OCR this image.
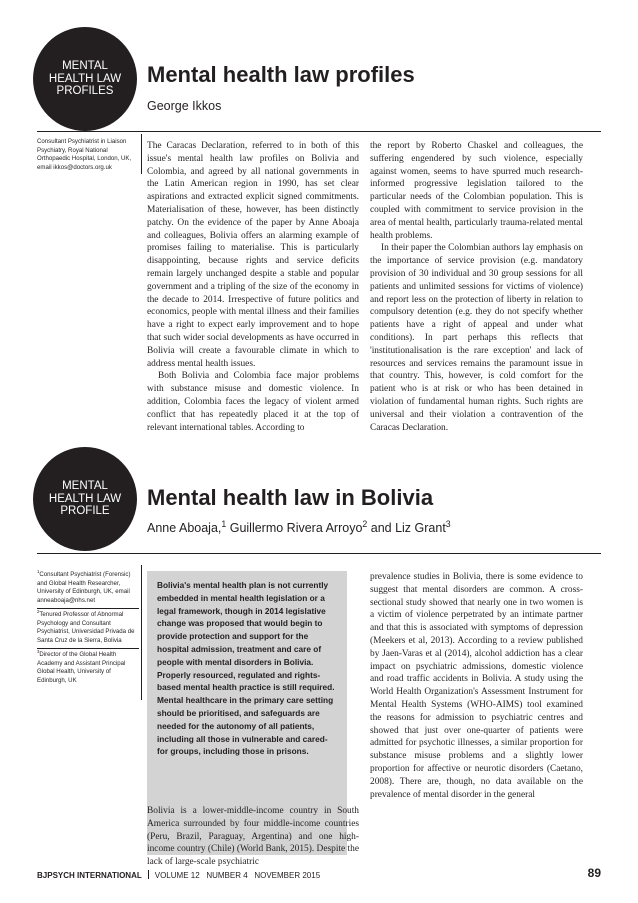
MENTAL
HEALTH LAW
PROFILES
Mental health law profiles
George Ikkos
Consultant Psychiatrist in Liaison Psychiatry, Royal National Orthopaedic Hospital, London, UK, email ikkos@doctors.org.uk

The Caracas Declaration, referred to in both of this issue's mental health law profiles on Bolivia and Colombia, and agreed by all national governments in the Latin American region in 1990, has set clear aspirations and extracted explicit signed commitments. Materialisation of these, however, has been distinctly patchy. On the evidence of the paper by Anne Aboaja and colleagues, Bolivia offers an alarming example of promises failing to materialise. This is particularly disappointing, because rights and service deficits remain largely unchanged despite a stable and popular government and a tripling of the size of the economy in the decade to 2014. Irrespective of future politics and economics, people with mental illness and their families have a right to expect early improvement and to hope that such wider social developments as have occurred in Bolivia will create a favourable climate in which to address mental health issues.

Both Bolivia and Colombia face major problems with substance misuse and domestic violence. In addition, Colombia faces the legacy of violent armed conflict that has repeatedly placed it at the top of relevant international tables. According to

the report by Roberto Chaskel and colleagues, the suffering engendered by such violence, especially against women, seems to have spurred much research-informed progressive legislation tailored to the particular needs of the Colombian population. This is coupled with commitment to service provision in the area of mental health, particularly trauma-related mental health problems.

In their paper the Colombian authors lay emphasis on the importance of service provision (e.g. mandatory provision of 30 individual and 30 group sessions for all patients and unlimited sessions for victims of violence) and report less on the protection of liberty in relation to compulsory detention (e.g. they do not specify whether patients have a right of appeal and under what conditions). In part perhaps this reflects that 'institutionalisation is the rare exception' and lack of resources and services remains the paramount issue in that country. This, however, is cold comfort for the patient who is at risk or who has been detained in violation of fundamental human rights. Such rights are universal and their violation a contravention of the Caracas Declaration.

MENTAL
HEALTH LAW
PROFILE
Mental health law in Bolivia
Anne Aboaja,$^1$ Guillermo Rivera Arroyo$^2$ and Liz Grant$^3$
$^1$Consultant Psychiatrist (Forensic) and Global Health Researcher, University of Edinburgh, UK, email anneaboaja@nhs.net
$^2$Tenured Professor of Abnormal Psychology and Consultant Psychiatrist, Universidad Privada de Santa Cruz de la Sierra, Bolivia
$^3$Director of the Global Health Academy and Assistant Principal Global Health, University of Edinburgh, UK
Bolivia's mental health plan is not currently embedded in mental health legislation or a legal framework, though in 2014 legislative change was proposed that would begin to provide protection and support for the hospital admission, treatment and care of people with mental disorders in Bolivia. Properly resourced, regulated and rights-based mental health practice is still required. Mental healthcare in the primary care setting should be prioritised, and safeguards are needed for the autonomy of all patients, including all those in vulnerable and cared-for groups, including those in prisons.

Bolivia is a lower-middle-income country in South America surrounded by four middle-income countries (Peru, Brazil, Paraguay, Argentina) and one high-income country (Chile) (World Bank, 2015). Despite the lack of large-scale psychiatric

prevalence studies in Bolivia, there is some evidence to suggest that mental disorders are common. A cross-sectional study showed that nearly one in two women is a victim of violence perpetrated by an intimate partner and that this is associated with symptoms of depression (Meekers et al, 2013). According to a review published by Jaen-Varas et al (2014), alcohol addiction has a clear impact on psychiatric admissions, domestic violence and road traffic accidents in Bolivia. A study using the World Health Organization's Assessment Instrument for Mental Health Systems (WHO-AIMS) tool examined the reasons for admission to psychiatric centres and showed that just over one-quarter of patients were admitted for psychotic illnesses, a similar proportion for substance misuse problems and a slightly lower proportion for affective or neurotic disorders (Caetano, 2008). There are, though, no data available on the prevalence of mental disorder in the general

BJPSYCH INTERNATIONAL VOLUME 12 NUMBER 4 NOVEMBER 2015	89
